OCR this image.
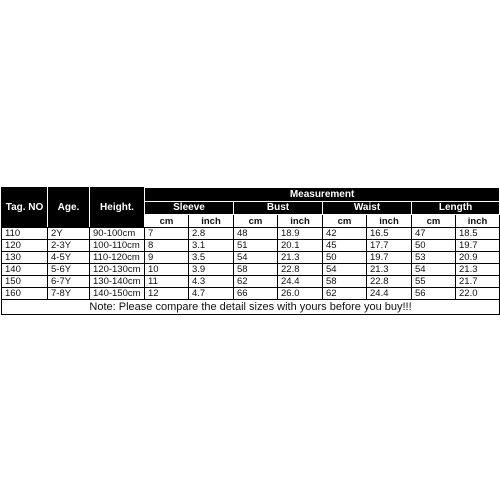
Tag. NO	Age.	Height.	Measurement							
			Sleeve		Bust		Waist		Length	
			cm	inch	cm	inch	cm	inch	cm	inch
110	2Y	90-100cm	7	2.8	48	18.9	42	16.5	47	18.5
120	2-3Y	100-110cm	8	3.1	51	20.1	45	17.7	50	19.7
130	4-5Y	110-120cm	9	3.5	54	21.3	50	19.7	53	20.9
140	5-6Y	120-130cm	10	3.9	58	22.8	54	21.3	54	21.3
150	6-7Y	130-140cm	11	4.3	62	24.4	58	22.8	55	21.7
160	7-8Y	140-150cm	12	4.7	66	26.0	62	24.4	56	22.0
Note: Please compare the detail sizes with yours before you buy!!!										
